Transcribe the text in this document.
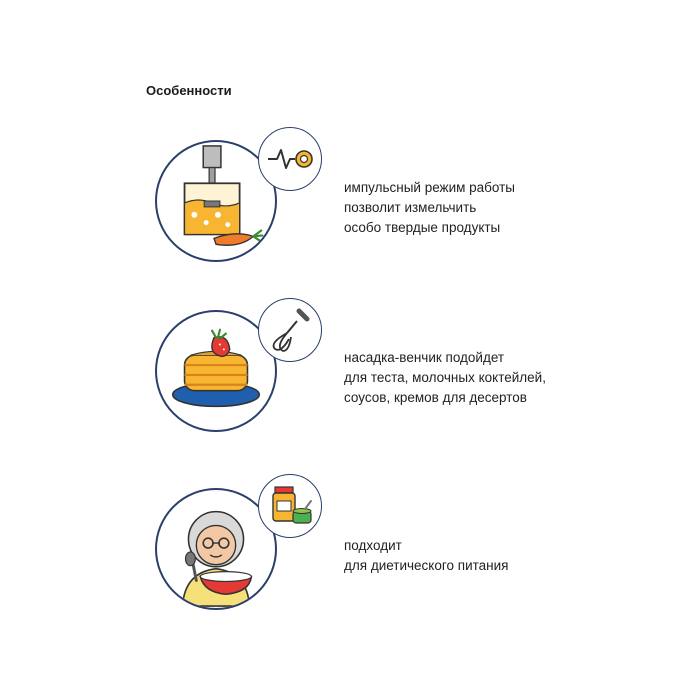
Особенности
импульсный режим работы
позволит измельчить
особо твердые продукты
насадка-венчик подойдет
для теста, молочных коктейлей,
соусов, кремов для десертов
подходит
для диетического питания
